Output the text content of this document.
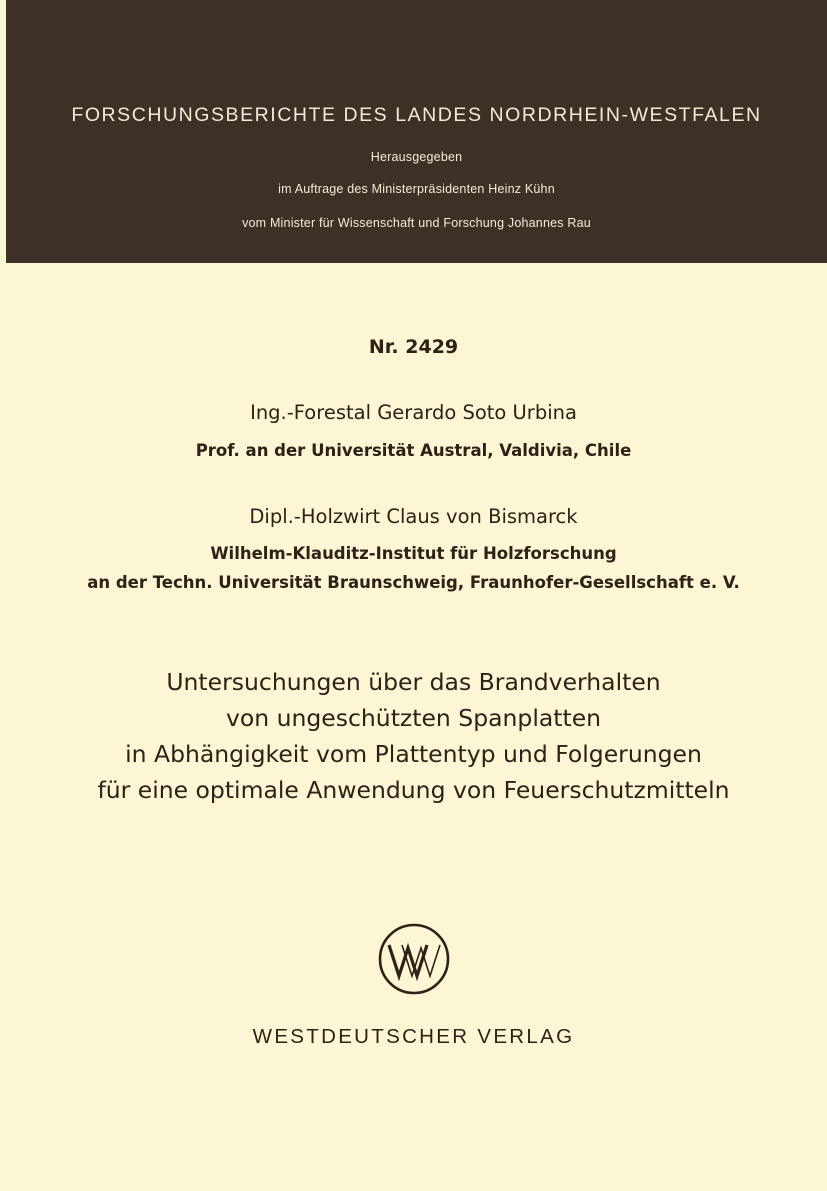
FORSCHUNGSBERICHTE DES LANDES NORDRHEIN-WESTFALEN
Herausgegeben
im Auftrage des Ministerpräsidenten Heinz Kühn
vom Minister für Wissenschaft und Forschung Johannes Rau
Nr. 2429
Ing.-Forestal Gerardo Soto Urbina
Prof. an der Universität Austral, Valdivia, Chile
Dipl.-Holzwirt Claus von Bismarck
Wilhelm-Klauditz-Institut für Holzforschung
an der Techn. Universität Braunschweig, Fraunhofer-Gesellschaft e. V.
Untersuchungen über das Brandverhalten
von ungeschützten Spanplatten
in Abhängigkeit vom Plattentyp und Folgerungen
für eine optimale Anwendung von Feuerschutzmitteln
WESTDEUTSCHER VERLAG
